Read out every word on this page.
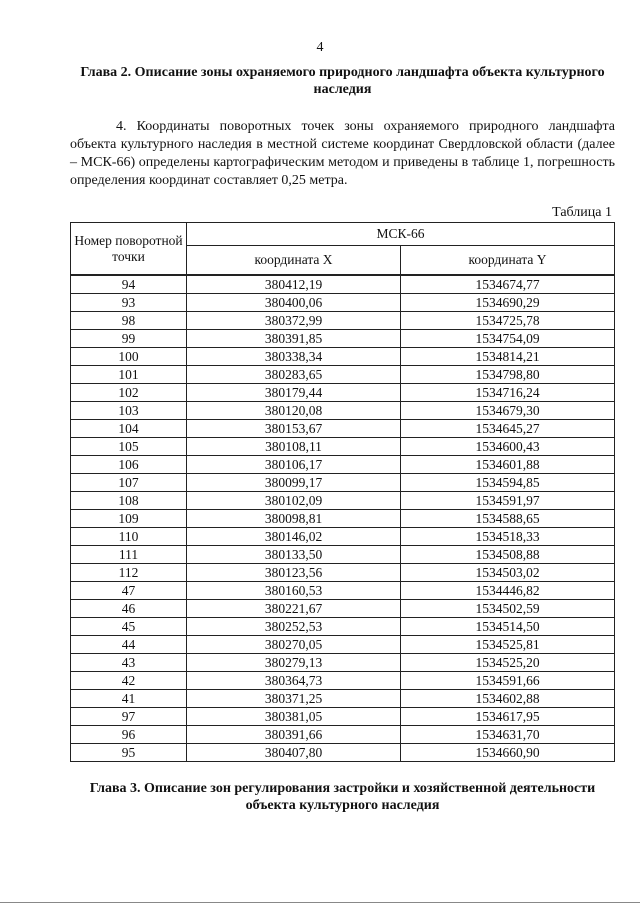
4
Глава 2. Описание зоны охраняемого природного ландшафта объекта культурного наследия
4. Координаты поворотных точек зоны охраняемого природного ландшафта объекта культурного наследия в местной системе координат Свердловской области (далее – МСК-66) определены картографическим методом и приведены в таблице 1, погрешность определения координат составляет 0,25 метра.
Таблица 1
Номер поворотной точки	МСК-66	
	координата X	координата Y
94	380412,19	1534674,77
93	380400,06	1534690,29
98	380372,99	1534725,78
99	380391,85	1534754,09
100	380338,34	1534814,21
101	380283,65	1534798,80
102	380179,44	1534716,24
103	380120,08	1534679,30
104	380153,67	1534645,27
105	380108,11	1534600,43
106	380106,17	1534601,88
107	380099,17	1534594,85
108	380102,09	1534591,97
109	380098,81	1534588,65
110	380146,02	1534518,33
111	380133,50	1534508,88
112	380123,56	1534503,02
47	380160,53	1534446,82
46	380221,67	1534502,59
45	380252,53	1534514,50
44	380270,05	1534525,81
43	380279,13	1534525,20
42	380364,73	1534591,66
41	380371,25	1534602,88
97	380381,05	1534617,95
96	380391,66	1534631,70
95	380407,80	1534660,90
Глава 3. Описание зон регулирования застройки и хозяйственной деятельности объекта культурного наследия
